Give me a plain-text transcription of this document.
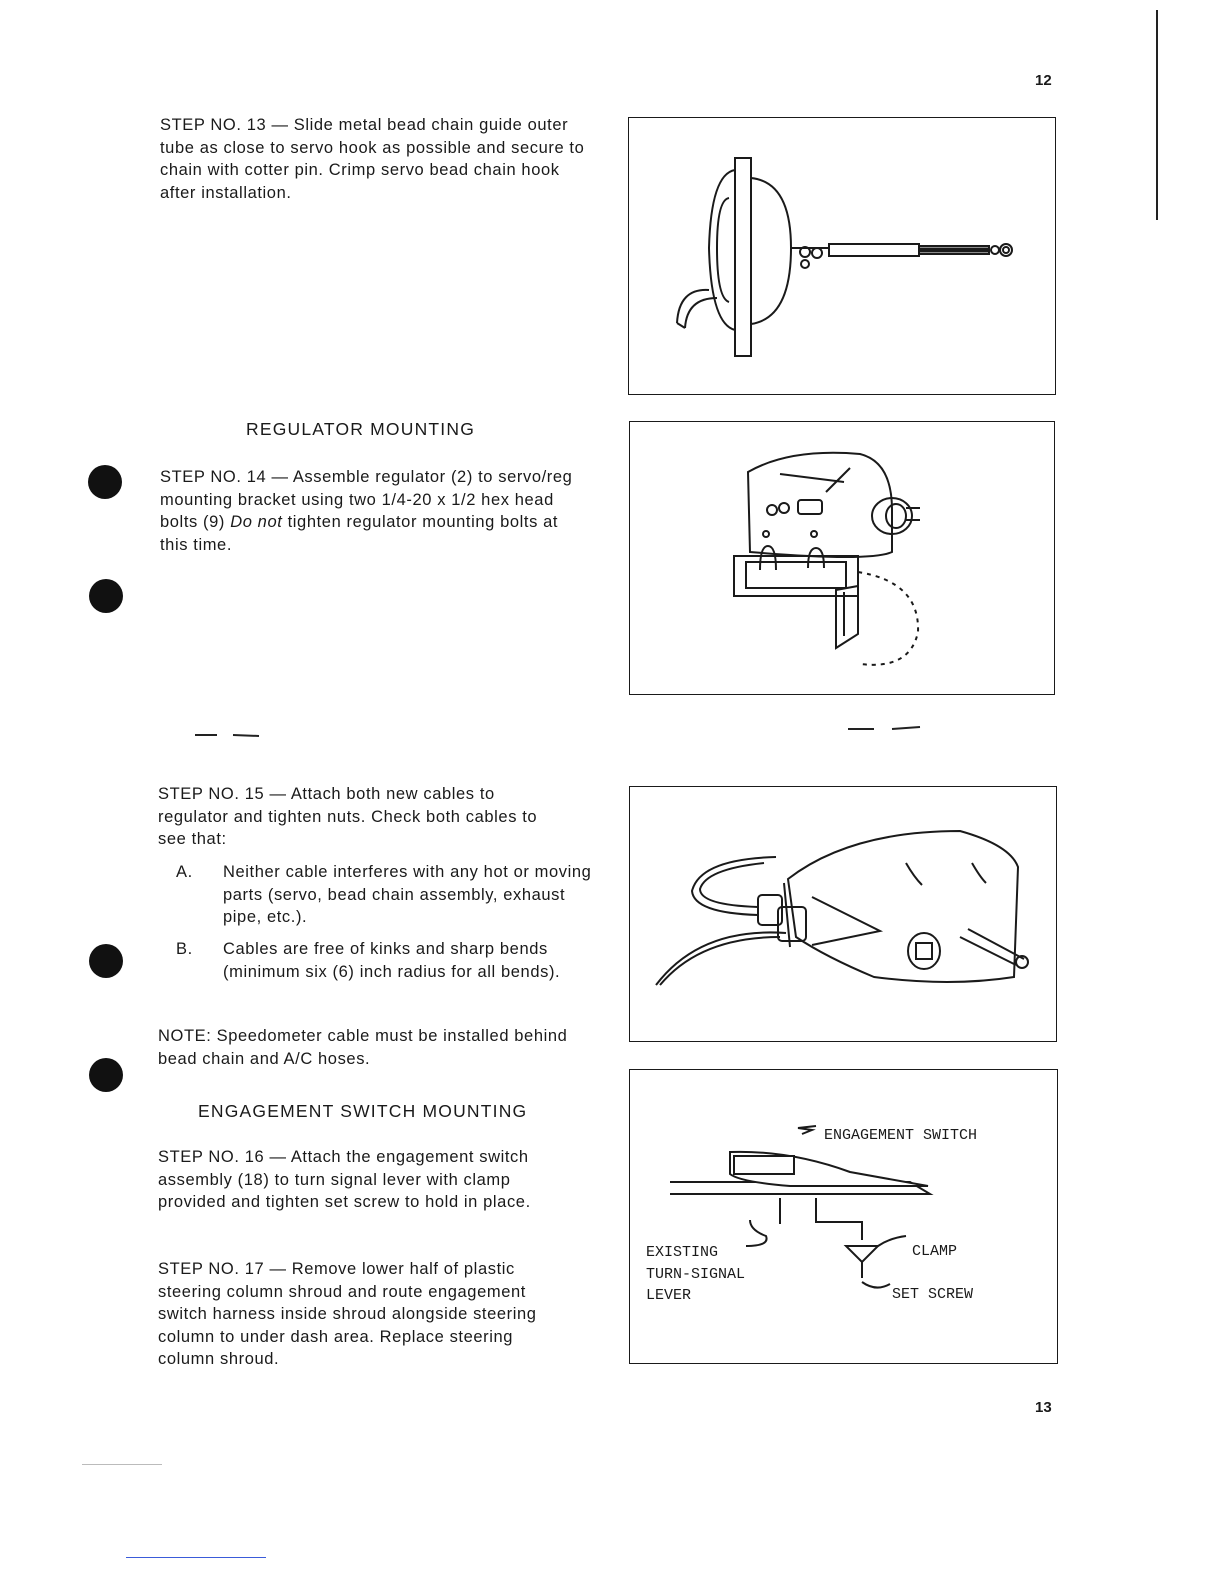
12
13
STEP NO. 13 — Slide metal bead chain guide outer tube as close to servo hook as possible and secure to chain with cotter pin. Crimp servo bead chain hook after installation.
REGULATOR MOUNTING
STEP NO. 14 — Assemble regulator (2) to servo/reg mounting bracket using two 1/4-20 x 1/2 hex head bolts (9) Do not tighten regulator mounting bolts at this time.
STEP NO. 15 — Attach both new cables to regulator and tighten nuts. Check both cables to see that:
A. Neither cable interferes with any hot or moving parts (servo, bead chain assembly, exhaust pipe, etc.).
B. Cables are free of kinks and sharp bends (minimum six (6) inch radius for all bends).
NOTE: Speedometer cable must be installed behind bead chain and A/C hoses.
ENGAGEMENT SWITCH MOUNTING
STEP NO. 16 — Attach the engagement switch assembly (18) to turn signal lever with clamp provided and tighten set screw to hold in place.
STEP NO. 17 — Remove lower half of plastic steering column shroud and route engagement switch harness inside shroud alongside steering column to under dash area. Replace steering column shroud.
ENGAGEMENT SWITCH
EXISTING
TURN-SIGNAL
LEVER
CLAMP
SET SCREW
